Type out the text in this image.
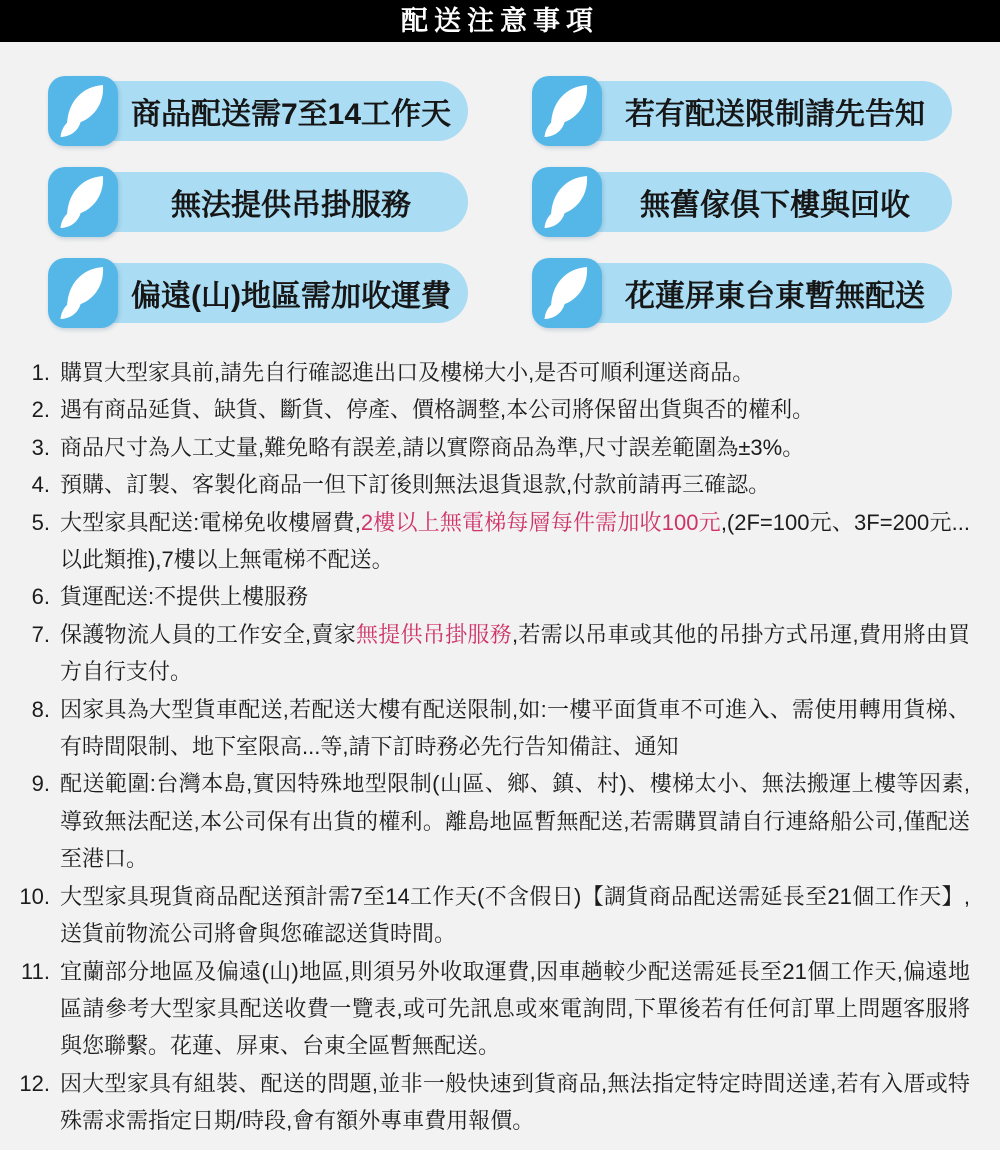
配送注意事項
商品配送需7至14工作天	若有配送限制請先告知
無法提供吊掛服務	無舊傢俱下樓與回收
偏遠(山)地區需加收運費	花蓮屏東台東暫無配送
購買大型家具前,請先自行確認進出口及樓梯大小,是否可順利運送商品。
遇有商品延貨、缺貨、斷貨、停產、價格調整,本公司將保留出貨與否的權利。
商品尺寸為人工丈量,難免略有誤差,請以實際商品為準,尺寸誤差範圍為±3%。
預購、訂製、客製化商品一但下訂後則無法退貨退款,付款前請再三確認。
大型家具配送:電梯免收樓層費,2樓以上無電梯每層每件需加收100元,(2F=100元、3F=200元...以此類推),7樓以上無電梯不配送。
貨運配送:不提供上樓服務
保護物流人員的工作安全,賣家無提供吊掛服務,若需以吊車或其他的吊掛方式吊運,費用將由買方自行支付。
因家具為大型貨車配送,若配送大樓有配送限制,如:一樓平面貨車不可進入、需使用轉用貨梯、有時間限制、地下室限高...等,請下訂時務必先行告知備註、通知
配送範圍:台灣本島,實因特殊地型限制(山區、鄉、鎮、村)、樓梯太小、無法搬運上樓等因素,導致無法配送,本公司保有出貨的權利。離島地區暫無配送,若需購買請自行連絡船公司,僅配送至港口。
大型家具現貨商品配送預計需7至14工作天(不含假日)【調貨商品配送需延長至21個工作天】,送貨前物流公司將會與您確認送貨時間。
宜蘭部分地區及偏遠(山)地區,則須另外收取運費,因車趟較少配送需延長至21個工作天,偏遠地區請參考大型家具配送收費一覽表,或可先訊息或來電詢問,下單後若有任何訂單上問題客服將與您聯繫。花蓮、屏東、台東全區暫無配送。
因大型家具有組裝、配送的問題,並非一般快速到貨商品,無法指定特定時間送達,若有入厝或特殊需求需指定日期/時段,會有額外專車費用報價。
